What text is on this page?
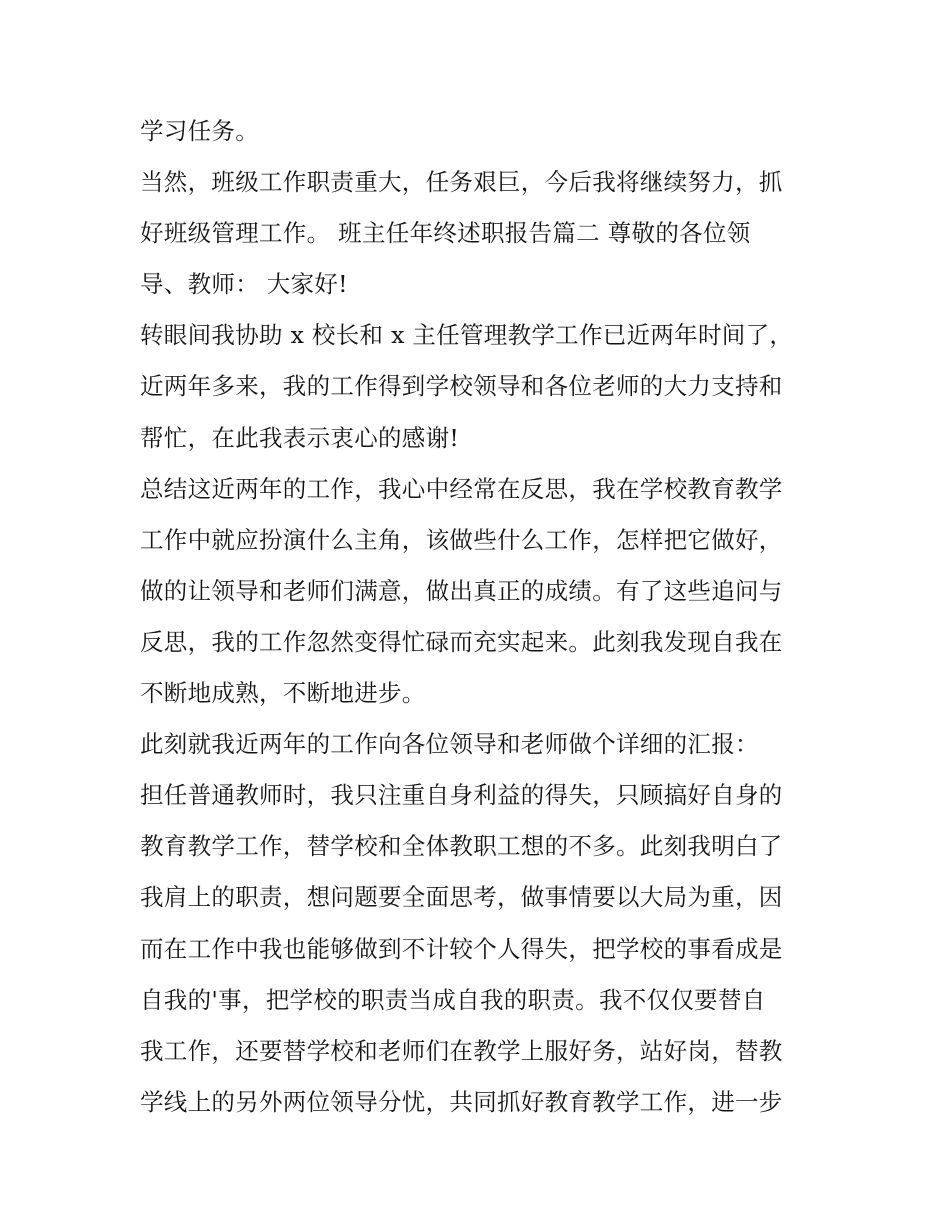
学习任务。
当然，班级工作职责重大，任务艰巨，今后我将继续努力，抓
好班级管理工作。 班主任年终述职报告篇二 尊敬的各位领
导、教师： 大家好!
转眼间我协助 x 校长和 x 主任管理教学工作已近两年时间了，
近两年多来，我的工作得到学校领导和各位老师的大力支持和
帮忙，在此我表示衷心的感谢!
总结这近两年的工作，我心中经常在反思，我在学校教育教学
工作中就应扮演什么主角，该做些什么工作，怎样把它做好，
做的让领导和老师们满意，做出真正的成绩。有了这些追问与
反思，我的工作忽然变得忙碌而充实起来。此刻我发现自我在
不断地成熟，不断地进步。
此刻就我近两年的工作向各位领导和老师做个详细的汇报：
担任普通教师时，我只注重自身利益的得失，只顾搞好自身的
教育教学工作，替学校和全体教职工想的不多。此刻我明白了
我肩上的职责，想问题要全面思考，做事情要以大局为重，因
而在工作中我也能够做到不计较个人得失，把学校的事看成是
自我的'事，把学校的职责当成自我的职责。我不仅仅要替自
我工作，还要替学校和老师们在教学上服好务，站好岗，替教
学线上的另外两位领导分忧，共同抓好教育教学工作，进一步
